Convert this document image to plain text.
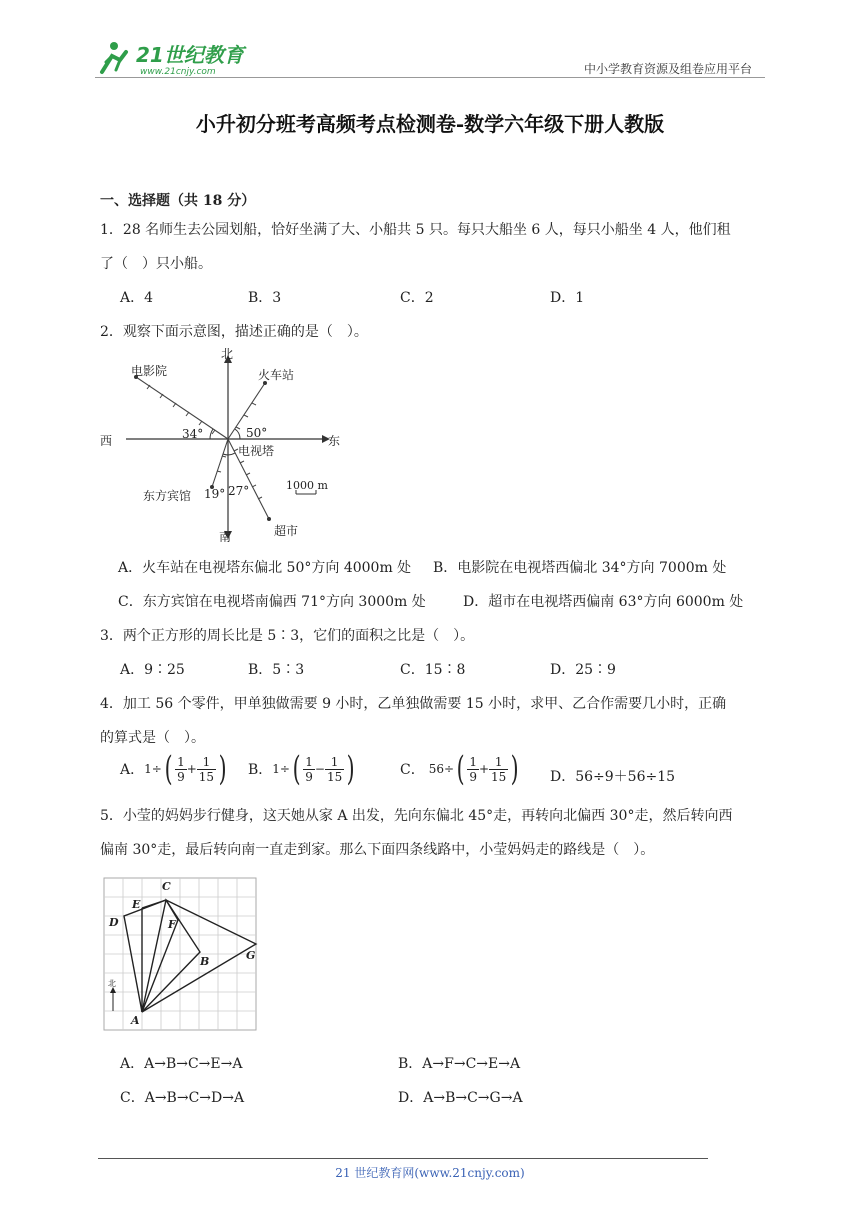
21世纪教育
www.21cnjy.com	中小学教育资源及组卷应用平台
小升初分班考高频考点检测卷-数学六年级下册人教版
一、选择题（共 18 分）
1．28 名师生去公园划船，恰好坐满了大、小船共 5 只。每只大船坐 6 人，每只小船坐 4 人，他们租
了（　）只小船。
A．4	B．3	C．2	D．1
2．观察下面示意图，描述正确的是（　）。
北
西	东
电影院	火车站
电视塔
东方宾馆
超市
34°	50°
19° 27°	1000 m
南
A．火车站在电视塔东偏北 50°方向 4000m 处 B．电影院在电视塔西偏北 34°方向 7000m 处
C．东方宾馆在电视塔南偏西 71°方向 3000m 处	D．超市在电视塔西偏南 63°方向 6000m 处
3．两个正方形的周长比是 5∶3，它们的面积之比是（　）。
A．9∶25	B．5∶3	C．15∶8	D．25∶9
4．加工 56 个零件，甲单独做需要 9 小时，乙单独做需要 15 小时，求甲、乙合作需要几小时，正确
的算式是（　）。
A． 1÷ ( $\frac{1}{9} + \frac{1}{15}$ ) B． 1÷ ( $\frac{1}{9} - \frac{1}{15}$ )	C． 56÷ ( $\frac{1}{9} + \frac{1}{15}$ ) D．56÷9＋56÷15
5．小莹的妈妈步行健身，这天她从家 A 出发，先向东偏北 45°走，再转向北偏西 30°走，然后转向西
偏南 30°走，最后转向南一直走到家。那么下面四条线路中，小莹妈妈走的路线是（　）。
A
B
C
D
E
F
G
北
A．A→B→C→E→A	B．A→F→C→E→A
C．A→B→C→D→A	D．A→B→C→G→A
21 世纪教育网(www.21cnjy.com)
